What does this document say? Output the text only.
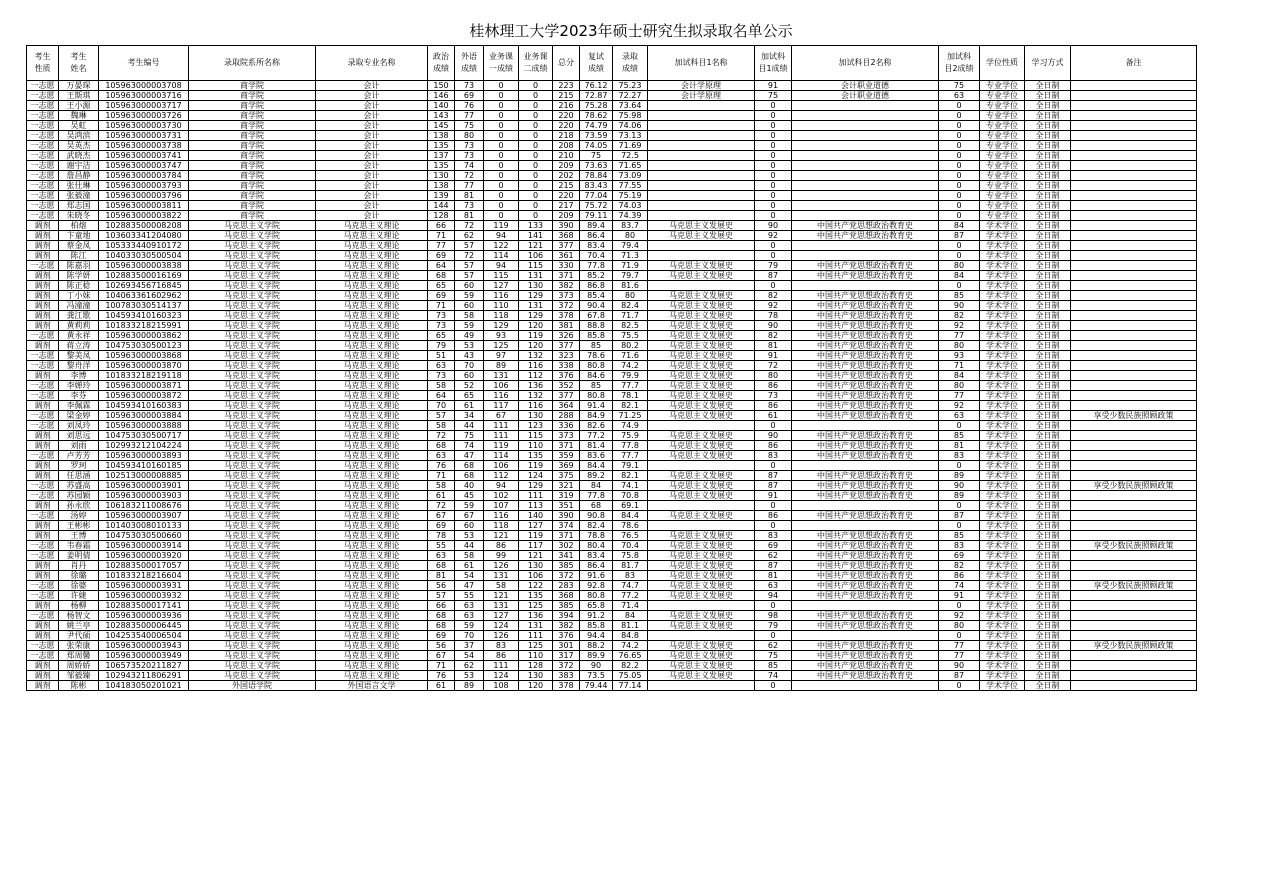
桂林理工大学2023年硕士研究生拟录取名单公示
考生
性质	考生
姓名	考生编号	录取院系所名称	录取专业名称	政治
成绩	外语
成绩	业务课
一成绩	业务课
二成绩	总分	复试
成绩	录取
成绩	加试科目1名称	加试科
目1成绩	加试科目2名称	加试科
目2成绩	学位性质	学习方式	备注
一志愿	万晏琛	105963000003708	商学院	会计	150	73	0	0	223	76.12	75.23	会计学原理	91	会计职业道德	75	专业学位	全日制	
一志愿	王斯琪	105963000003716	商学院	会计	146	69	0	0	215	72.87	72.27	会计学原理	75	会计职业道德	63	专业学位	全日制	
一志愿	王小源	105963000003717	商学院	会计	140	76	0	0	216	75.28	73.64		0		0	专业学位	全日制	
一志愿	魏琳	105963000003726	商学院	会计	143	77	0	0	220	78.62	75.98		0		0	专业学位	全日制	
一志愿	吴虹	105963000003730	商学院	会计	145	75	0	0	220	74.79	74.06		0		0	专业学位	全日制	
一志愿	吴鸿滨	105963000003731	商学院	会计	138	80	0	0	218	73.59	73.13		0		0	专业学位	全日制	
一志愿	吴英杰	105963000003738	商学院	会计	135	73	0	0	208	74.05	71.69		0		0	专业学位	全日制	
一志愿	武晓杰	105963000003741	商学院	会计	137	73	0	0	210	75	72.5		0		0	专业学位	全日制	
一志愿	谢宇洁	105963000003747	商学院	会计	135	74	0	0	209	73.63	71.65		0		0	专业学位	全日制	
一志愿	詹昌静	105963000003784	商学院	会计	130	72	0	0	202	78.84	73.09		0		0	专业学位	全日制	
一志愿	张仕琳	105963000003793	商学院	会计	138	77	0	0	215	83.43	77.55		0		0	专业学位	全日制	
一志愿	张毅潼	105963000003796	商学院	会计	139	81	0	0	220	77.04	75.19		0		0	专业学位	全日制	
一志愿	郑志国	105963000003811	商学院	会计	144	73	0	0	217	75.72	74.03		0		0	专业学位	全日制	
一志愿	朱晓冬	105963000003822	商学院	会计	128	81	0	0	209	79.11	74.39		0		0	专业学位	全日制	
调剂	柏熔	102883500008208	马克思主义学院	马克思主义理论	66	72	119	133	390	89.4	83.7	马克思主义发展史	90	中国共产党思想政治教育史	84	学术学位	全日制	
调剂	卞童地	103603341204080	马克思主义学院	马克思主义理论	71	62	94	141	368	86.4	80	马克思主义发展史	92	中国共产党思想政治教育史	87	学术学位	全日制	
调剂	蔡金凤	105333440910172	马克思主义学院	马克思主义理论	77	57	122	121	377	83.4	79.4		0		0	学术学位	全日制	
调剂	陈江	104033030500504	马克思主义学院	马克思主义理论	69	72	114	106	361	70.4	71.3		0		0	学术学位	全日制	
一志愿	陈嘉羽	105963000003838	马克思主义学院	马克思主义理论	64	57	94	115	330	77.8	71.9	马克思主义发展史	79	中国共产党思想政治教育史	80	学术学位	全日制	
调剂	陈学妍	102883500016169	马克思主义学院	马克思主义理论	68	57	115	131	371	85.2	79.7	马克思主义发展史	87	中国共产党思想政治教育史	84	学术学位	全日制	
调剂	陈正稔	102693456716845	马克思主义学院	马克思主义理论	65	60	127	130	382	86.8	81.6		0		0	学术学位	全日制	
调剂	丁小妹	104063361602962	马克思主义学院	马克思主义理论	69	59	116	129	373	85.4	80	马克思主义发展史	82	中国共产党思想政治教育史	85	学术学位	全日制	
调剂	冯潼潼	100783030514137	马克思主义学院	马克思主义理论	71	60	110	131	372	90.4	82.4	马克思主义发展史	92	中国共产党思想政治教育史	90	学术学位	全日制	
调剂	龚江歌	104593410160323	马克思主义学院	马克思主义理论	73	58	118	129	378	67.8	71.7	马克思主义发展史	78	中国共产党思想政治教育史	82	学术学位	全日制	
调剂	黄莉莉	101833218215991	马克思主义学院	马克思主义理论	73	59	129	120	381	88.8	82.5	马克思主义发展史	90	中国共产党思想政治教育史	92	学术学位	全日制	
一志愿	黄永祥	105963000003862	马克思主义学院	马克思主义理论	65	49	93	119	326	85.8	75.5	马克思主义发展史	82	中国共产党思想政治教育史	77	学术学位	全日制	
调剂	蒋立涛	104753030500123	马克思主义学院	马克思主义理论	79	53	125	120	377	85	80.2	马克思主义发展史	81	中国共产党思想政治教育史	80	学术学位	全日制	
一志愿	黎美凤	105963000003868	马克思主义学院	马克思主义理论	51	43	97	132	323	78.6	71.6	马克思主义发展史	91	中国共产党思想政治教育史	93	学术学位	全日制	
一志愿	黎舟洋	105963000003870	马克思主义学院	马克思主义理论	63	70	89	116	338	80.8	74.2	马克思主义发展史	72	中国共产党思想政治教育史	71	学术学位	全日制	
调剂	李博	101833218219118	马克思主义学院	马克思主义理论	73	60	131	112	376	84.6	79.9	马克思主义发展史	80	中国共产党思想政治教育史	84	学术学位	全日制	
一志愿	李婵玲	105963000003871	马克思主义学院	马克思主义理论	58	52	106	136	352	85	77.7	马克思主义发展史	86	中国共产党思想政治教育史	80	学术学位	全日制	
一志愿	李芬	105963000003872	马克思主义学院	马克思主义理论	64	65	116	132	377	80.8	78.1	马克思主义发展史	73	中国共产党思想政治教育史	77	学术学位	全日制	
调剂	李佩霖	104593410160383	马克思主义学院	马克思主义理论	70	61	117	116	364	91.4	82.1	马克思主义发展史	86	中国共产党思想政治教育史	92	学术学位	全日制	
一志愿	梁金婷	105963000003884	马克思主义学院	马克思主义理论	57	34	67	130	288	84.9	71.25	马克思主义发展史	61	中国共产党思想政治教育史	63	学术学位	全日制	享受少数民族照顾政策
一志愿	刘凤玲	105963000003888	马克思主义学院	马克思主义理论	58	44	111	123	336	82.6	74.9		0		0	学术学位	全日制	
调剂	刘思远	104753030500717	马克思主义学院	马克思主义理论	72	75	111	115	373	77.2	75.9	马克思主义发展史	90	中国共产党思想政治教育史	85	学术学位	全日制	
调剂	刘雨	102993212104224	马克思主义学院	马克思主义理论	68	74	119	110	371	81.4	77.8	马克思主义发展史	86	中国共产党思想政治教育史	81	学术学位	全日制	
一志愿	卢芳芳	105963000003893	马克思主义学院	马克思主义理论	63	47	114	135	359	83.6	77.7	马克思主义发展史	83	中国共产党思想政治教育史	83	学术学位	全日制	
调剂	罗珂	104593410160185	马克思主义学院	马克思主义理论	76	68	106	119	369	84.4	79.1		0		0	学术学位	全日制	
调剂	任思涵	102513000008885	马克思主义学院	马克思主义理论	71	68	112	124	375	89.2	82.1	马克思主义发展史	87	中国共产党思想政治教育史	89	学术学位	全日制	
一志愿	苏盛高	105963000003901	马克思主义学院	马克思主义理论	58	40	94	129	321	84	74.1	马克思主义发展史	87	中国共产党思想政治教育史	90	学术学位	全日制	享受少数民族照顾政策
一志愿	苏园颖	105963000003903	马克思主义学院	马克思主义理论	61	45	102	111	319	77.8	70.8	马克思主义发展史	91	中国共产党思想政治教育史	89	学术学位	全日制	
调剂	孙永欣	106183211008676	马克思主义学院	马克思主义理论	72	59	107	113	351	68	69.1		0		0	学术学位	全日制	
一志愿	汤婷	105963000003907	马克思主义学院	马克思主义理论	67	67	116	140	390	90.8	84.4	马克思主义发展史	86	中国共产党思想政治教育史	87	学术学位	全日制	
调剂	王彬彬	101403008010133	马克思主义学院	马克思主义理论	69	60	118	127	374	82.4	78.6		0		0	学术学位	全日制	
调剂	王博	104753030500660	马克思主义学院	马克思主义理论	78	53	121	119	371	78.8	76.5	马克思主义发展史	83	中国共产党思想政治教育史	85	学术学位	全日制	
一志愿	韦春霜	105963000003914	马克思主义学院	马克思主义理论	55	44	86	117	302	80.4	70.4	马克思主义发展史	69	中国共产党思想政治教育史	83	学术学位	全日制	享受少数民族照顾政策
一志愿	姜明倩	105963000003920	马克思主义学院	马克思主义理论	63	58	99	121	341	83.4	75.8	马克思主义发展史	62	中国共产党思想政治教育史	69	学术学位	全日制	
调剂	肖丹	102883500017057	马克思主义学院	马克思主义理论	68	61	126	130	385	86.4	81.7	马克思主义发展史	87	中国共产党思想政治教育史	82	学术学位	全日制	
调剂	徐璐	101833218216604	马克思主义学院	马克思主义理论	81	54	131	106	372	91.6	83	马克思主义发展史	81	中国共产党思想政治教育史	86	学术学位	全日制	
一志愿	徐婆	105963000003931	马克思主义学院	马克思主义理论	56	47	58	122	283	92.8	74.7	马克思主义发展史	63	中国共产党思想政治教育史	74	学术学位	全日制	享受少数民族照顾政策
一志愿	许婕	105963000003932	马克思主义学院	马克思主义理论	57	55	121	135	368	80.8	77.2	马克思主义发展史	94	中国共产党思想政治教育史	91	学术学位	全日制	
调剂	杨柳	102883500017141	马克思主义学院	马克思主义理论	66	63	131	125	385	65.8	71.4		0		0	学术学位	全日制	
一志愿	杨智文	105963000003936	马克思主义学院	马克思主义理论	68	63	127	136	394	91.2	84	马克思主义发展史	98	中国共产党思想政治教育史	92	学术学位	全日制	
调剂	姚兰亭	102883500006445	马克思主义学院	马克思主义理论	68	59	124	131	382	85.8	81.1	马克思主义发展史	79	中国共产党思想政治教育史	80	学术学位	全日制	
调剂	尹代硕	104253540006504	马克思主义学院	马克思主义理论	69	70	126	111	376	94.4	84.8		0		0	学术学位	全日制	
一志愿	张荣康	105963000003943	马克思主义学院	马克思主义理论	56	37	83	125	301	88.2	74.2	马克思主义发展史	62	中国共产党思想政治教育史	77	学术学位	全日制	享受少数民族照顾政策
一志愿	郑周馨	105963000003949	马克思主义学院	马克思主义理论	67	54	86	110	317	89.9	76.65	马克思主义发展史	75	中国共产党思想政治教育史	77	学术学位	全日制	
调剂	周娇娇	106573520211827	马克思主义学院	马克思主义理论	71	62	111	128	372	90	82.2	马克思主义发展史	85	中国共产党思想政治教育史	90	学术学位	全日制	
调剂	邹毅臻	102943211806291	马克思主义学院	马克思主义理论	76	53	124	130	383	73.5	75.05	马克思主义发展史	74	中国共产党思想政治教育史	87	学术学位	全日制	
调剂	陈彬	104183050201021	外国语学院	外国语言文学	61	89	108	120	378	79.44	77.14		0		0	学术学位	全日制	
